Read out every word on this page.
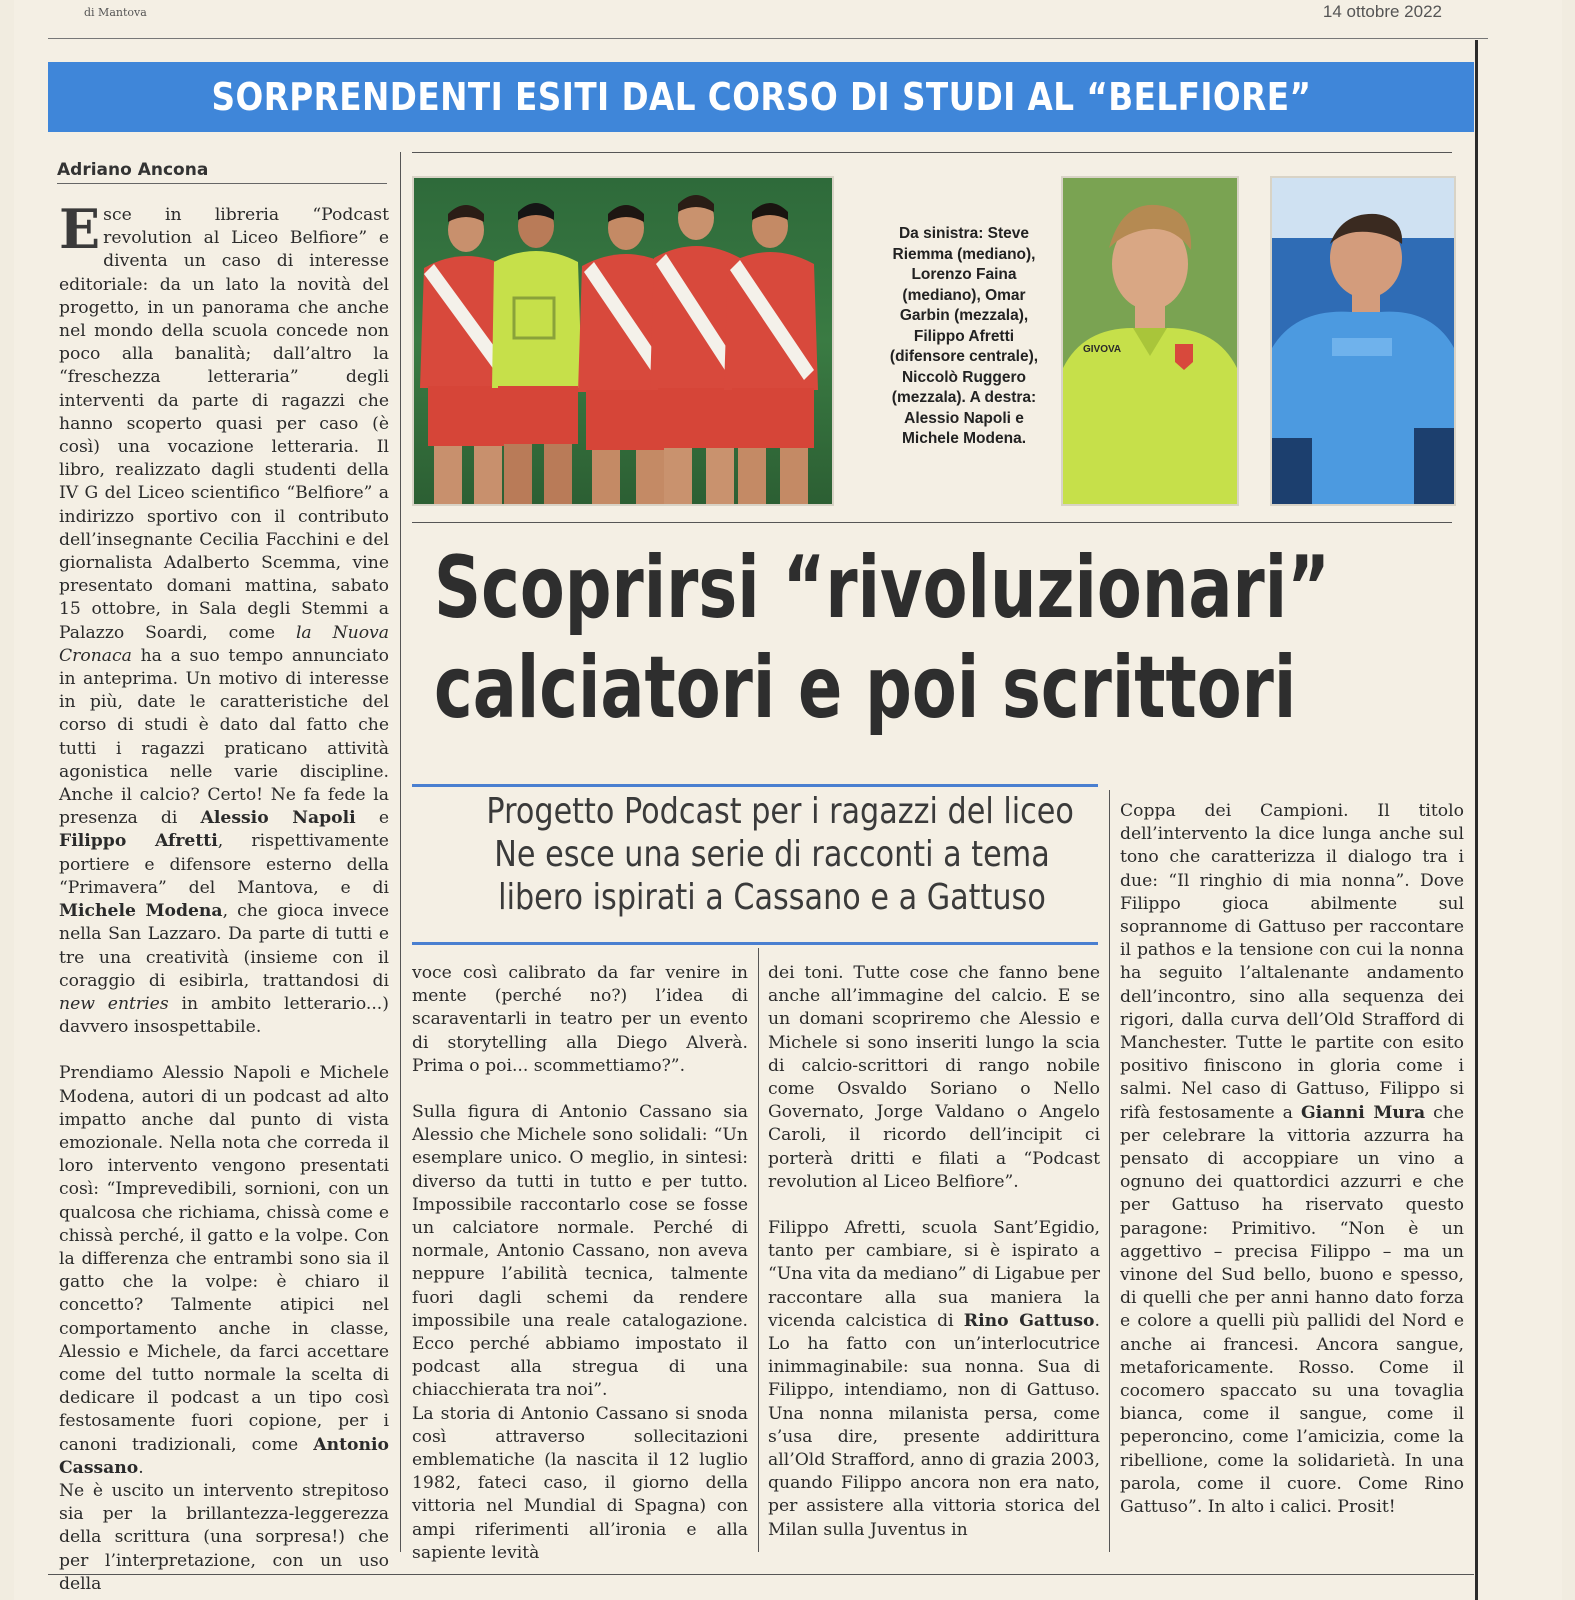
di Mantova	14 ottobre 2022
SORPRENDENTI ESITI DAL CORSO DI STUDI AL “BELFIORE”
Adriano Ancona
Da sinistra: Steve Riemma (mediano), Lorenzo Faina (mediano), Omar Garbin (mezzala), Filippo Afretti (difensore centrale), Niccolò Ruggero (mezzala). A destra: Alessio Napoli e Michele Modena.
GIVOVA
Scoprirsi “rivoluzionari”
calciatori e poi scrittori
Progetto Podcast per i ragazzi del liceo
Ne esce una serie di racconti a tema
libero ispirati a Cassano e a Gattuso

Esce in libreria “Podcast revolution al Liceo Belfiore” e diventa un caso di interesse editoriale: da un lato la novità del progetto, in un panorama che anche nel mondo della scuola concede non poco alla banalità; dall’altro la “freschezza letteraria” degli interventi da parte di ragazzi che hanno scoperto quasi per caso (è così) una vocazione letteraria. Il libro, realizzato dagli studenti della IV G del Liceo scientifico “Belfiore” a indirizzo sportivo con il contributo dell’insegnante Cecilia Facchini e del giornalista Adalberto Scemma, vine presentato domani mattina, sabato 15 ottobre, in Sala degli Stemmi a Palazzo Soardi, come la Nuova Cronaca ha a suo tempo annunciato in anteprima. Un motivo di interesse in più, date le caratteristiche del corso di studi è dato dal fatto che tutti i ragazzi praticano attività agonistica nelle varie discipline. Anche il calcio? Certo! Ne fa fede la presenza di Alessio Napoli e Filippo Afretti, rispettivamente portiere e difensore esterno della “Primavera” del Mantova, e di Michele Modena, che gioca invece nella San Lazzaro. Da parte di tutti e tre una creatività (insieme con il coraggio di esibirla, trattandosi di new entries in ambito letterario...) davvero insospettabile.

Prendiamo Alessio Napoli e Michele Modena, autori di un podcast ad alto impatto anche dal punto di vista emozionale. Nella nota che correda il loro intervento vengono presentati così: “Imprevedibili, sornioni, con un qualcosa che richiama, chissà come e chissà perché, il gatto e la volpe. Con la differenza che entrambi sono sia il gatto che la volpe: è chiaro il concetto? Talmente atipici nel comportamento anche in classe, Alessio e Michele, da farci accettare come del tutto normale la scelta di dedicare il podcast a un tipo così festosamente fuori copione, per i canoni tradizionali, come Antonio Cassano.
Ne è uscito un intervento strepitoso sia per la brillantezza-leggerezza della scrittura (una sorpresa!) che per l’interpretazione, con un uso della

voce così calibrato da far venire in mente (perché no?) l’idea di scaraventarli in teatro per un evento di storytelling alla Diego Alverà. Prima o poi... scommettiamo?”.

Sulla figura di Antonio Cassano sia Alessio che Michele sono solidali: “Un esemplare unico. O meglio, in sintesi: diverso da tutti in tutto e per tutto. Impossibile raccontarlo cose se fosse un calciatore normale. Perché di normale, Antonio Cassano, non aveva neppure l’abilità tecnica, talmente fuori dagli schemi da rendere impossibile una reale catalogazione. Ecco perché abbiamo impostato il podcast alla stregua di una chiacchierata tra noi”.
La storia di Antonio Cassano si snoda così attraverso sollecitazioni emblematiche (la nascita il 12 luglio 1982, fateci caso, il giorno della vittoria nel Mundial di Spagna) con ampi riferimenti all’ironia e alla sapiente levità

dei toni. Tutte cose che fanno bene anche all’immagine del calcio. E se un domani scopriremo che Alessio e Michele si sono inseriti lungo la scia di calcio-scrittori di rango nobile come Osvaldo Soriano o Nello Governato, Jorge Valdano o Angelo Caroli, il ricordo dell’incipit ci porterà dritti e filati a “Podcast revolution al Liceo Belfiore”.

Filippo Afretti, scuola Sant’Egidio, tanto per cambiare, si è ispirato a “Una vita da mediano” di Ligabue per raccontare alla sua maniera la vicenda calcistica di Rino Gattuso. Lo ha fatto con un’interlocutrice inimmaginabile: sua nonna. Sua di Filippo, intendiamo, non di Gattuso. Una nonna milanista persa, come s’usa dire, presente addirittura all’Old Strafford, anno di grazia 2003, quando Filippo ancora non era nato, per assistere alla vittoria storica del Milan sulla Juventus in

Coppa dei Campioni. Il titolo dell’intervento la dice lunga anche sul tono che caratterizza il dialogo tra i due: “Il ringhio di mia nonna”. Dove Filippo gioca abilmente sul soprannome di Gattuso per raccontare il pathos e la tensione con cui la nonna ha seguito l’altalenante andamento dell’incontro, sino alla sequenza dei rigori, dalla curva dell’Old Strafford di Manchester. Tutte le partite con esito positivo finiscono in gloria come i salmi. Nel caso di Gattuso, Filippo si rifà festosamente a Gianni Mura che per celebrare la vittoria azzurra ha pensato di accoppiare un vino a ognuno dei quattordici azzurri e che per Gattuso ha riservato questo paragone: Primitivo. “Non è un aggettivo – precisa Filippo – ma un vinone del Sud bello, buono e spesso, di quelli che per anni hanno dato forza e colore a quelli più pallidi del Nord e anche ai francesi. Ancora sangue, metaforicamente. Rosso. Come il cocomero spaccato su una tovaglia bianca, come il sangue, come il peperoncino, come l’amicizia, come la ribellione, come la solidarietà. In una parola, come il cuore. Come Rino Gattuso”. In alto i calici. Prosit!
